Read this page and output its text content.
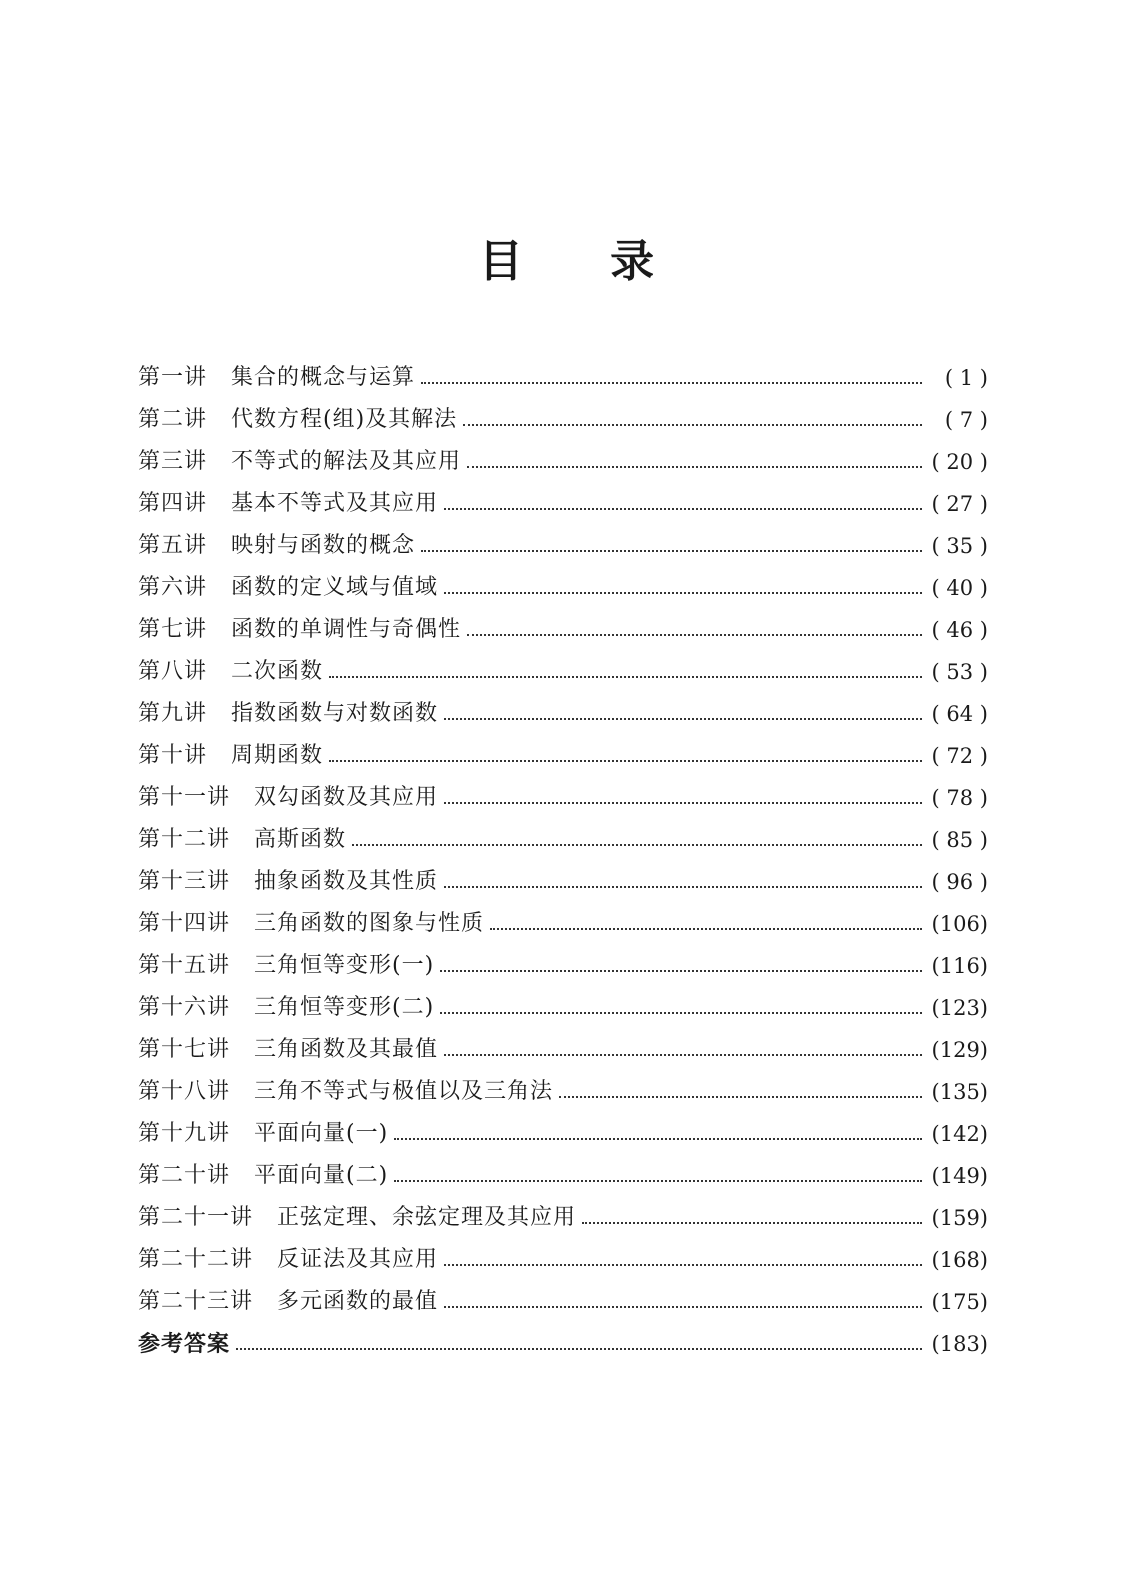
目 录
第一讲 集合的概念与运算	( 1 )
第二讲 代数方程(组)及其解法	( 7 )
第三讲 不等式的解法及其应用	( 20 )
第四讲 基本不等式及其应用	( 27 )
第五讲 映射与函数的概念	( 35 )
第六讲 函数的定义域与值域	( 40 )
第七讲 函数的单调性与奇偶性	( 46 )
第八讲 二次函数	( 53 )
第九讲 指数函数与对数函数	( 64 )
第十讲 周期函数	( 72 )
第十一讲 双勾函数及其应用	( 78 )
第十二讲 高斯函数	( 85 )
第十三讲 抽象函数及其性质	( 96 )
第十四讲 三角函数的图象与性质	(106)
第十五讲 三角恒等变形(一)	(116)
第十六讲 三角恒等变形(二)	(123)
第十七讲 三角函数及其最值	(129)
第十八讲 三角不等式与极值以及三角法	(135)
第十九讲 平面向量(一)	(142)
第二十讲 平面向量(二)	(149)
第二十一讲 正弦定理、余弦定理及其应用	(159)
第二十二讲 反证法及其应用	(168)
第二十三讲 多元函数的最值	(175)
参考答案	(183)
